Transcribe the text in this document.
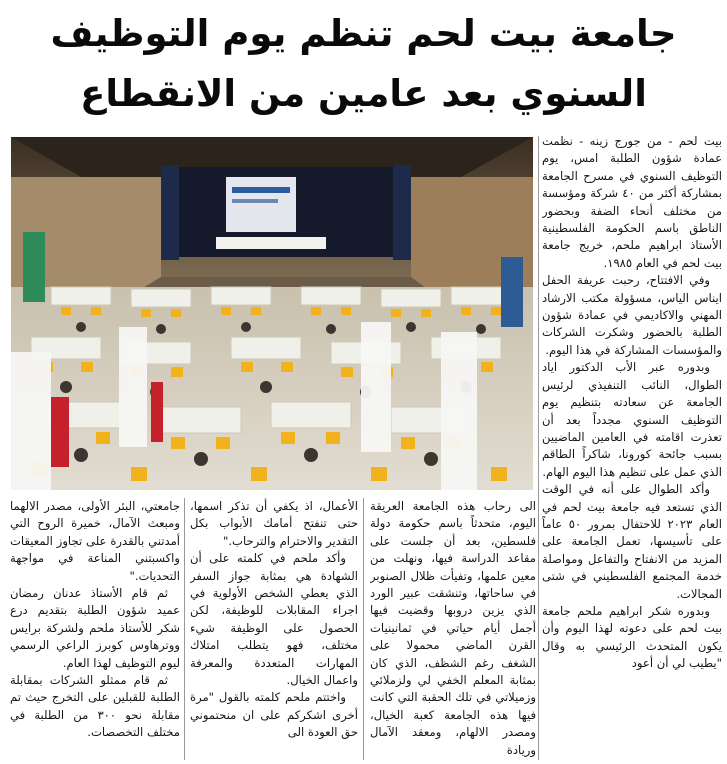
جامعة بيت لحم تنظم يوم التوظيف
السنوي بعد عامين من الانقطاع

بيت لحم - من جورج زينه - نظمت عمادة شؤون الطلبة امس، يوم التوظيف السنوي في مسرح الجامعة بمشاركة أكثر من ٤٠ شركة ومؤسسة من مختلف أنحاء الضفة وبحضور الناطق باسم الحكومة الفلسطينية الأستاذ ابراهيم ملحم، خريج جامعة بيت لحم في العام ١٩٨٥.

وفي الافتتاح، رحبت عريفة الحفل ايناس الياس، مسؤولة مكتب الارشاد المهني والاكاديمي في عمادة شؤون الطلبة بالحضور وشكرت الشركات والمؤسسات المشاركة في هذا اليوم.

وبدوره عبر الأب الدكتور اياد الطوال، النائب التنفيذي لرئيس الجامعة عن سعادته بتنظيم يوم التوظيف السنوي مجدداً بعد أن تعذرت اقامته في العامين الماضيين بسبب جائحة كورونا، شاكراً الطاقم الذي عمل على تنظيم هذا اليوم الهام.

وأكد الطوال على أنه في الوقت الذي تستعد فيه جامعة بيت لحم في العام ٢٠٢٣ للاحتفال بمرور ٥٠ عاماً على تأسيسها، تعمل الجامعة على المزيد من الانفتاح والتفاعل ومواصلة خدمة المجتمع الفلسطيني في شتى المجالات.

وبدوره شكر ابراهيم ملحم جامعة بيت لحم على دعوته لهذا اليوم وأن يكون المتحدث الرئيسي به وقال "يطيب لي أن أعود

الى رحاب هذه الجامعة العريقة اليوم، متحدثاً باسم حكومة دولة فلسطين، بعد أن جلست على مقاعد الدراسة فيها، ونهلت من معين علمها، وتفيأت ظلال الصنوبر في ساحاتها، وتنشقت عبير الورد الذي يزين دروبها وقضيت فيها أجمل أيام حياتي في ثمانينيات القرن الماضي محمولا على الشغف رغم الشظف، الذي كان بمثابة المعلم الخفي لي ولزملائي وزميلاتي في تلك الحقبة التي كانت فيها هذه الجامعة كعبة الخيال، ومصدر الالهام، ومعقد الآمال وريادة

الأعمال، اذ يكفي أن تذكر اسمها، حتى تنفتح أمامك الأبواب بكل التقدير والاحترام والترحاب."

وأكد ملحم في كلمته على أن الشهادة هي بمثابة جواز السفر الذي يعطي الشخص الأولوية في اجراء المقابلات للوظيفة، لكن الحصول على الوظيفة شيء مختلف، فهو يتطلب امتلاك المهارات المتعددة والمعرفة واعمال الخيال.

واختتم ملحم كلمته بالقول "مرة أخرى اشكركم على ان منحتموني حق العودة الى

جامعتي، البئر الأولى، مصدر الالهما ومبعث الآمال، خميرة الروح التي أمدتني بالقدرة على تجاوز المعيقات واكسبتني المناعة في مواجهة التحديات."

ثم قام الأستاذ عدنان رمضان عميد شؤون الطلبة بتقديم درع شكر للأستاذ ملحم ولشركة برايس ووترهاوس كوبرز الراعي الرسمي ليوم التوظيف لهذا العام.

ثم قام ممثلو الشركات بمقابلة الطلبة للقبلين على التخرج حيث تم مقابلة نحو ٣٠٠ من الطلبة في مختلف التخصصات.
